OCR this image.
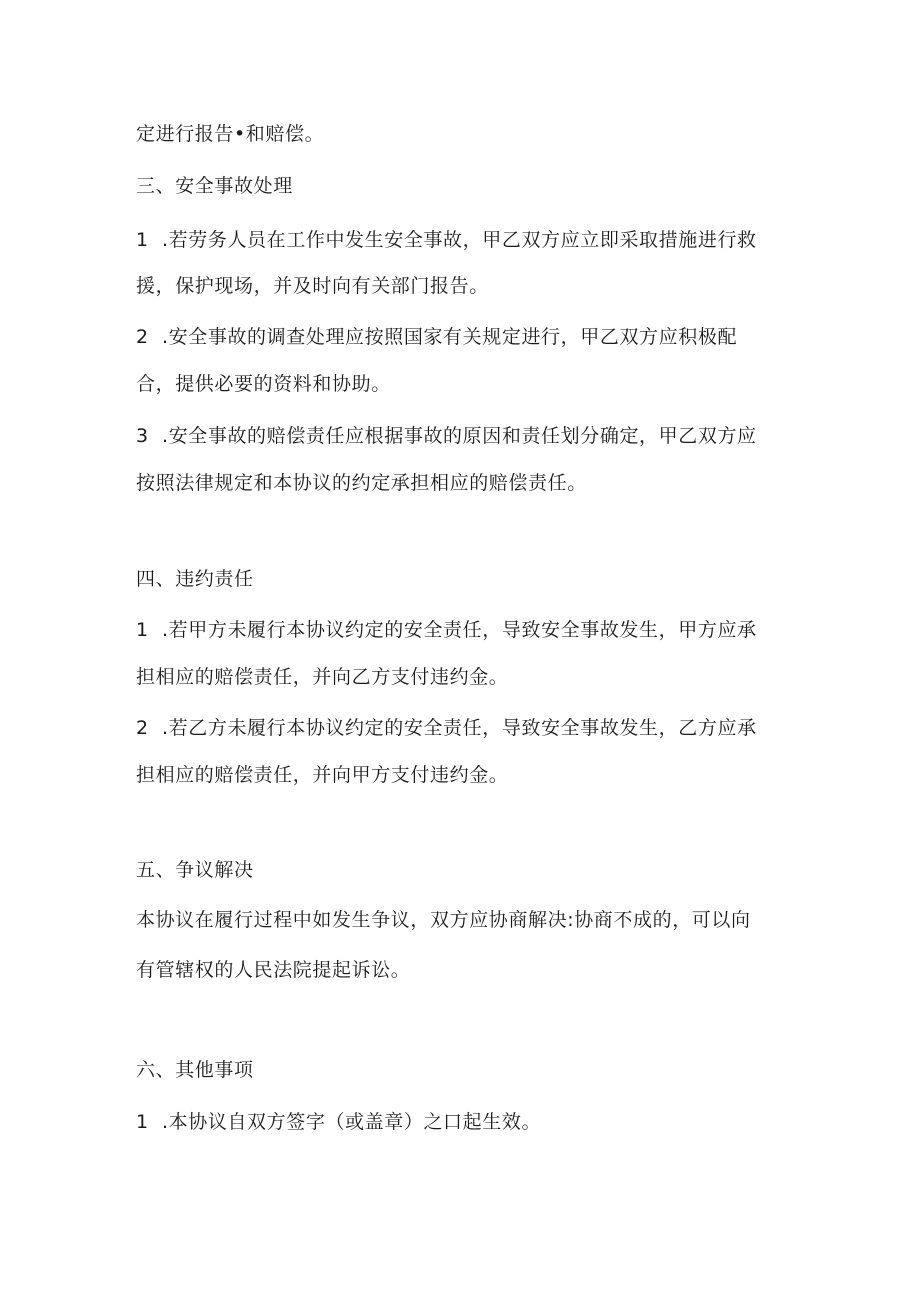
定进行报告•和赔偿。
三、安全事故处理
1 .若劳务人员在工作中发生安全事故，甲乙双方应立即采取措施进行救
援，保护现场，并及时向有关部门报告。
2 .安全事故的调查处理应按照国家有关规定进行，甲乙双方应积极配
合，提供必要的资料和协助。
3 .安全事故的赔偿责任应根据事故的原因和责任划分确定，甲乙双方应
按照法律规定和本协议的约定承担相应的赔偿责任。
四、违约责任
1 .若甲方未履行本协议约定的安全责任，导致安全事故发生，甲方应承
担相应的赔偿责任，并向乙方支付违约金。
2 .若乙方未履行本协议约定的安全责任，导致安全事故发生，乙方应承
担相应的赔偿责任，并向甲方支付违约金。
五、争议解决
本协议在履行过程中如发生争议，双方应协商解决:协商不成的，可以向
有管辖权的人民法院提起诉讼。
六、其他事项
1 .本协议自双方签字（或盖章）之口起生效。
